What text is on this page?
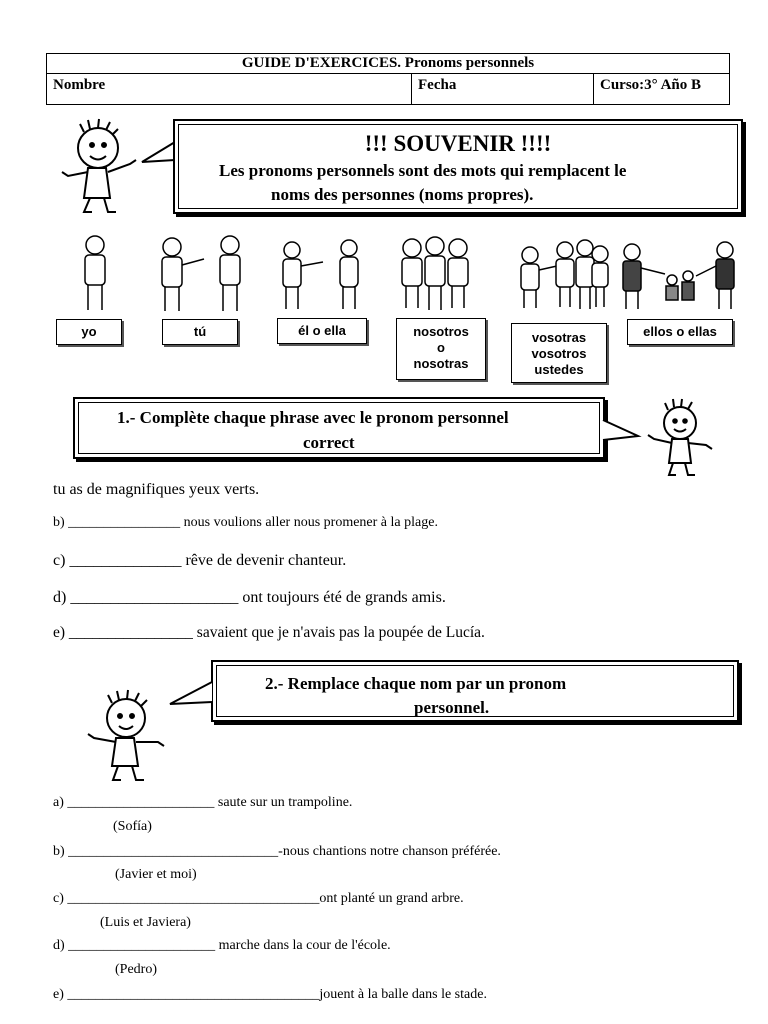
GUIDE D'EXERCICES. Pronoms personnels
Nombre	Fecha	Curso:3° Año B
!!! SOUVENIR !!!!
Les pronoms personnels sont des mots qui remplacent le
noms des personnes (noms propres).
yo	tú	él o ella	nosotros
o
nosotras
vosotras
vosotros
ustedes
ellos o ellas
1.- Complète chaque phrase avec le pronom personnel
correct
tu as de magnifiques yeux verts.
b) ________________ nous voulions aller nous promener à la plage.
c) ______________ rêve de devenir chanteur.
d) _____________________ ont toujours été de grands amis.
e) ________________ savaient que je n'avais pas la poupée de Lucía.
2.- Remplace chaque nom par un pronom
personnel.
a) _____________________ saute sur un trampoline.
(Sofía)
b) ______________________________-nous chantions notre chanson préférée.
(Javier et moi)
c) ____________________________________ont planté un grand arbre.
(Luis et Javiera)
d) _____________________ marche dans la cour de l'école.
(Pedro)
e) ____________________________________jouent à la balle dans le stade.
